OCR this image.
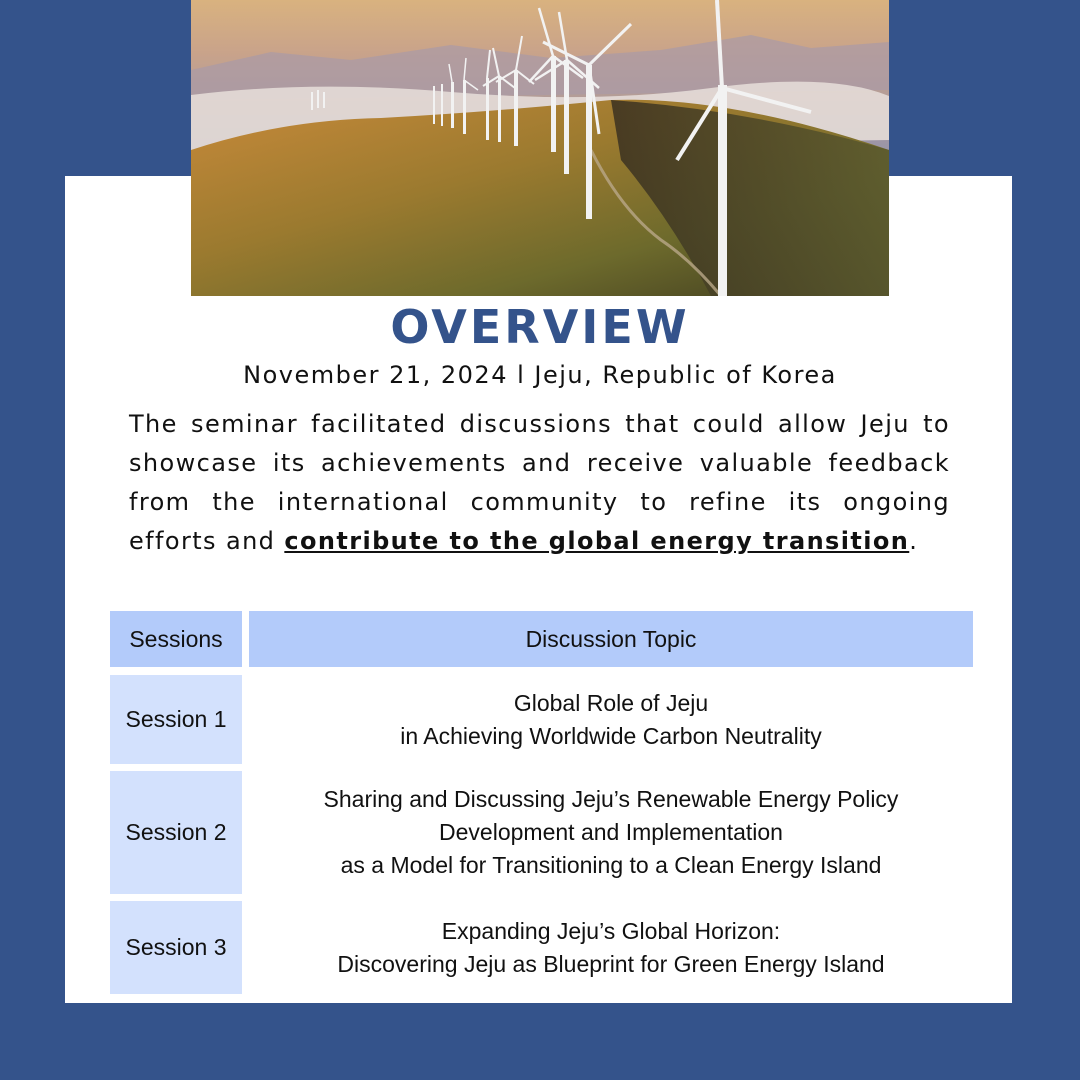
OVERVIEW
November 21, 2024 l Jeju, Republic of Korea
The seminar facilitated discussions that could allow Jeju to showcase its achievements and receive valuable feedback from the international community to refine its ongoing efforts and contribute to the global energy transition.
Sessions	Discussion Topic
Session 1
Global Role of Jeju
in Achieving Worldwide Carbon Neutrality
Session 2
Sharing and Discussing Jeju’s Renewable Energy Policy
Development and Implementation
as a Model for Transitioning to a Clean Energy Island
Session 3
Expanding Jeju’s Global Horizon:
Discovering Jeju as Blueprint for Green Energy Island
